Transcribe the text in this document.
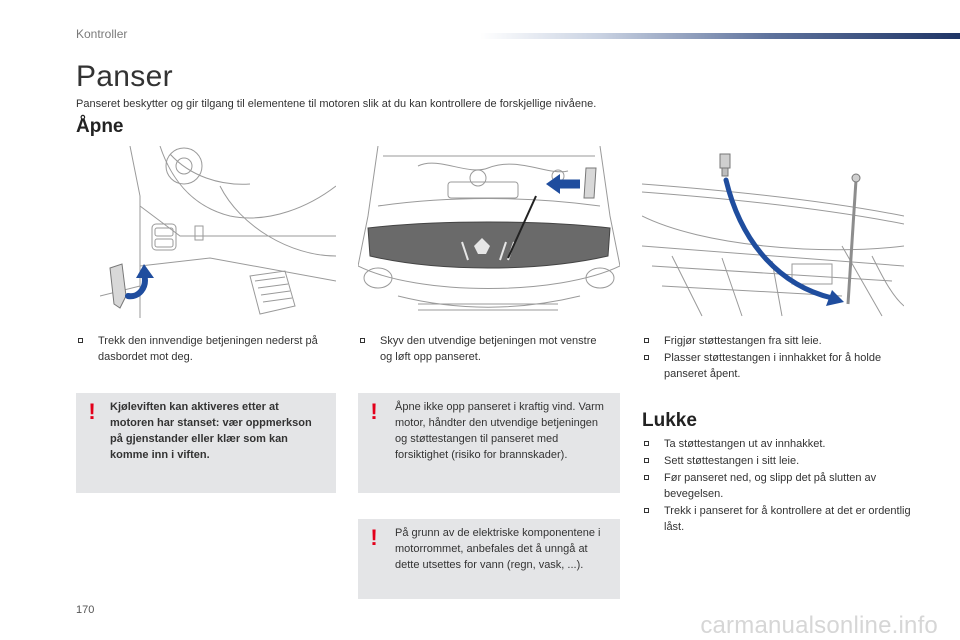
Kontroller
Panser
Panseret beskytter og gir tilgang til elementene til motoren slik at du kan kontrollere de forskjellige nivåene.
Åpne
Trekk den innvendige betjeningen nederst på dasbordet mot deg.
Skyv den utvendige betjeningen mot venstre og løft opp panseret.
Frigjør støttestangen fra sitt leie.
Plasser støttestangen i innhakket for å holde panseret åpent.
!	Kjøleviften kan aktiveres etter at motoren har stanset: vær oppmerkson på gjenstander eller klær som kan komme inn i viften.
!	Åpne ikke opp panseret i kraftig vind. Varm motor, håndter den utvendige betjeningen og støttestangen til panseret med forsiktighet (risiko for brannskader).
!	På grunn av de elektriske komponentene i motorrommet, anbefales det å unngå at dette utsettes for vann (regn, vask, ...).
Lukke
Ta støttestangen ut av innhakket.
Sett støttestangen i sitt leie.
Før panseret ned, og slipp det på slutten av bevegelsen.
Trekk i panseret for å kontrollere at det er ordentlig låst.
170
carmanualsonline.info
